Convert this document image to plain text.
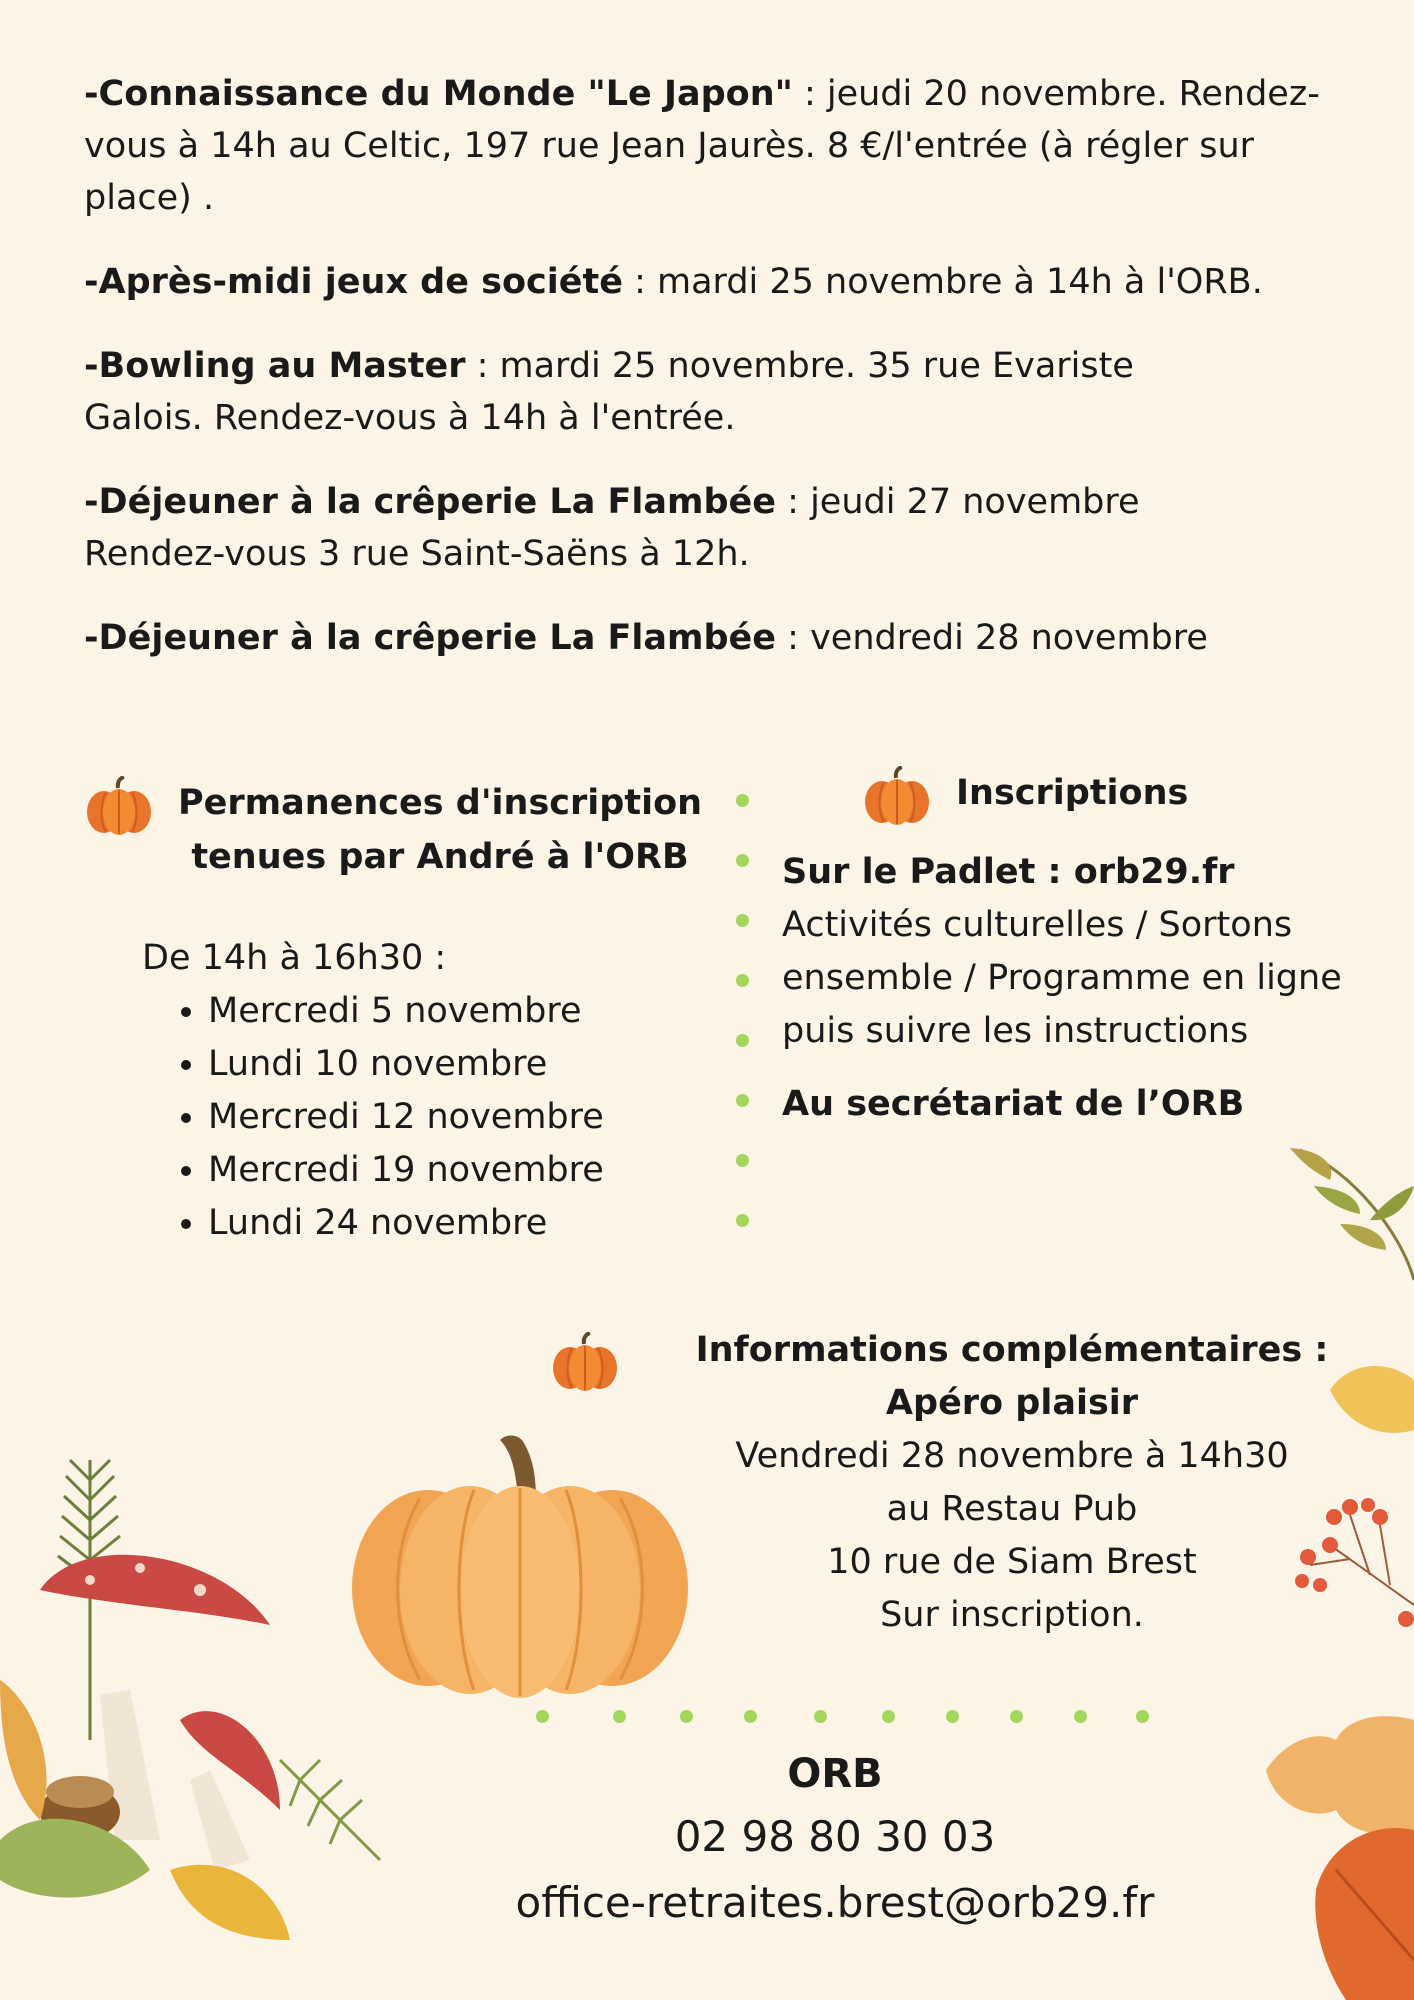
-Connaissance du Monde "Le Japon" : jeudi 20 novembre. Rendez-vous à 14h au Celtic, 197 rue Jean Jaurès. 8 €/l'entrée (à régler sur place) .

-Après-midi jeux de société : mardi 25 novembre à 14h à l'ORB.

-Bowling au Master : mardi 25 novembre. 35 rue Evariste Galois. Rendez-vous à 14h à l'entrée.

-Déjeuner à la crêperie La Flambée : jeudi 27 novembre Rendez-vous 3 rue Saint-Saëns à 12h.

-Déjeuner à la crêperie La Flambée : vendredi 28 novembre

Permanences d'inscription
tenues par André à l'ORB
De 14h à 16h30 :
• Mercredi 5 novembre
• Lundi 10 novembre
• Mercredi 12 novembre
• Mercredi 19 novembre
• Lundi 24 novembre
Inscriptions

Sur le Padlet : orb29.fr

Activités culturelles / Sortons ensemble / Programme en ligne puis suivre les instructions

Au secrétariat de l’ORB

Informations complémentaires :
Apéro plaisir
Vendredi 28 novembre à 14h30
au Restau Pub
10 rue de Siam Brest
Sur inscription.
ORB
02 98 80 30 03
office-retraites.brest@orb29.fr
